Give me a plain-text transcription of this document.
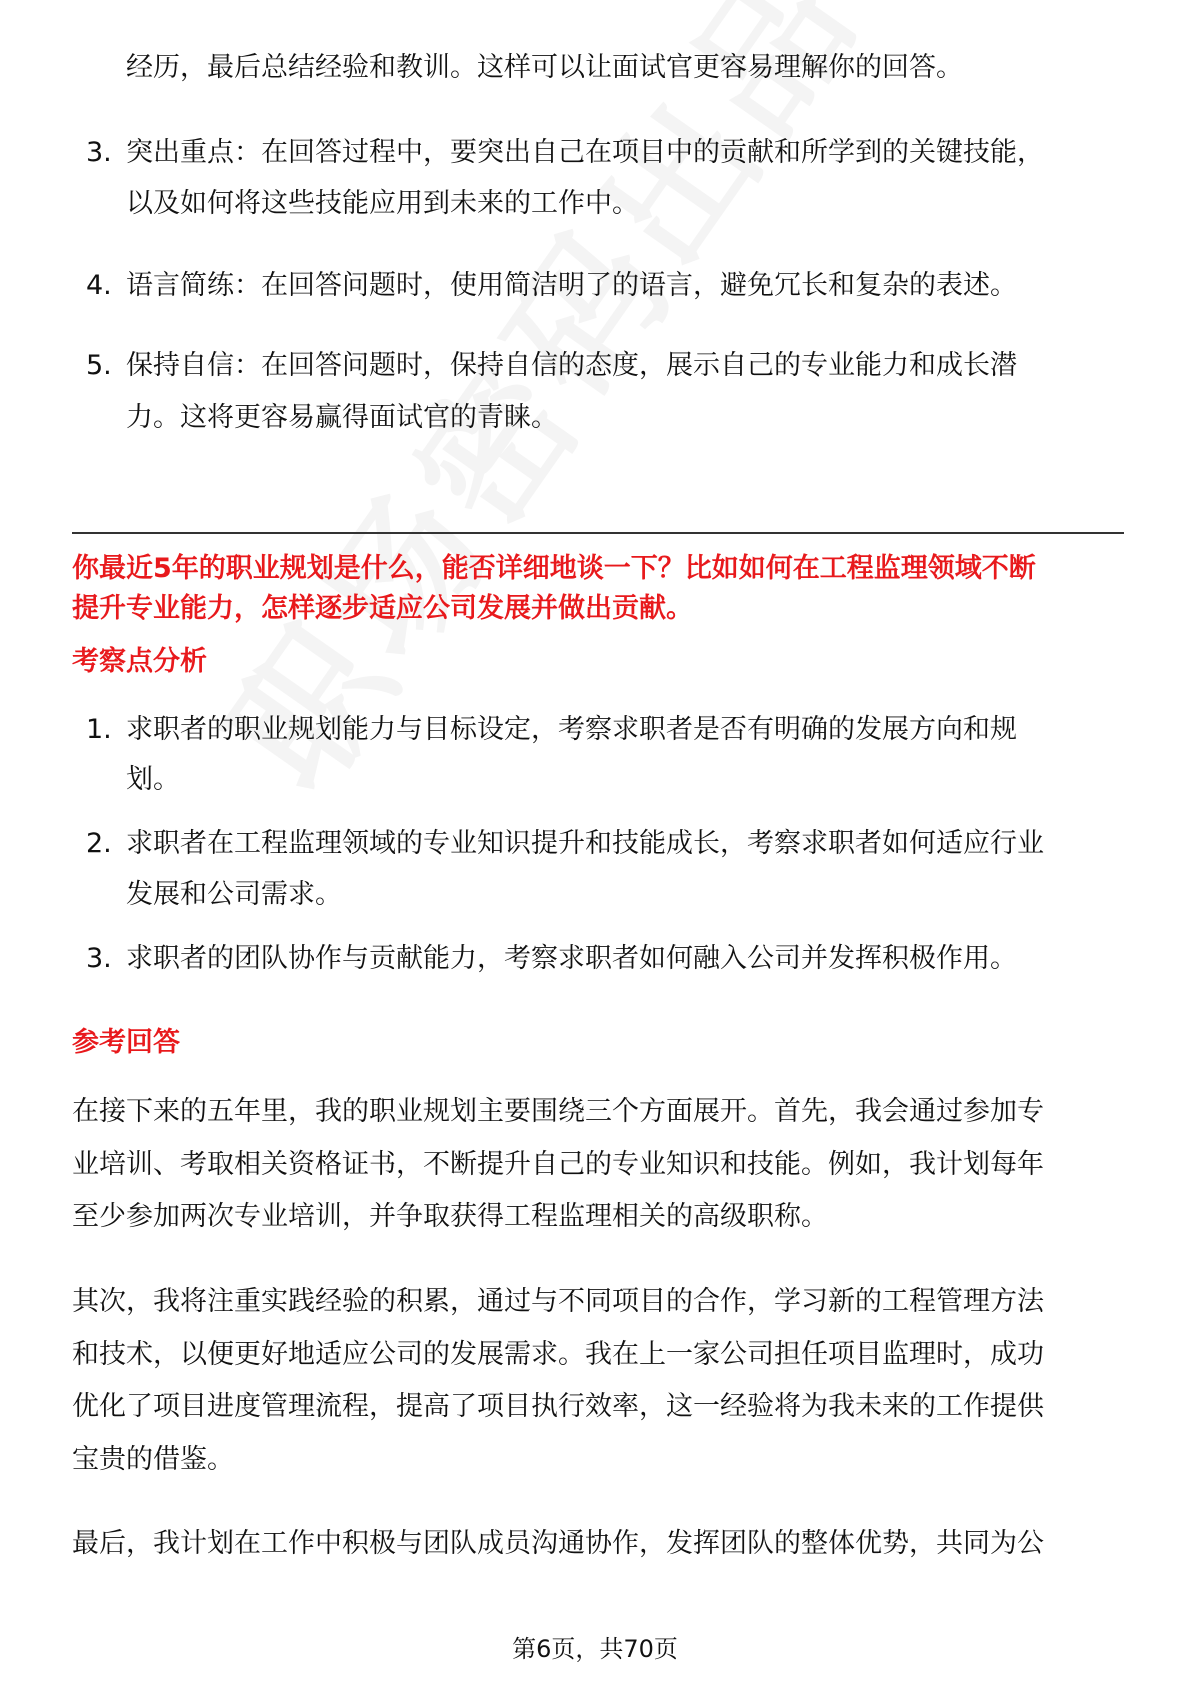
经历，最后总结经验和教训。这样可以让面试官更容易理解你的回答。
3. 突出重点：在回答过程中，要突出自己在项目中的贡献和所学到的关键技能，
以及如何将这些技能应用到未来的工作中。
4. 语言简练：在回答问题时，使用简洁明了的语言，避免冗长和复杂的表述。
5. 保持自信：在回答问题时，保持自信的态度，展示自己的专业能力和成长潜
力。这将更容易赢得面试官的青睐。
你最近5年的职业规划是什么，能否详细地谈一下？比如如何在工程监理领域不断
提升专业能力，怎样逐步适应公司发展并做出贡献。
考察点分析
1. 求职者的职业规划能力与目标设定，考察求职者是否有明确的发展方向和规
划。
2. 求职者在工程监理领域的专业知识提升和技能成长，考察求职者如何适应行业
发展和公司需求。
3. 求职者的团队协作与贡献能力，考察求职者如何融入公司并发挥积极作用。
参考回答
在接下来的五年里，我的职业规划主要围绕三个方面展开。首先，我会通过参加专
业培训、考取相关资格证书，不断提升自己的专业知识和技能。例如，我计划每年
至少参加两次专业培训，并争取获得工程监理相关的高级职称。
其次，我将注重实践经验的积累，通过与不同项目的合作，学习新的工程管理方法
和技术，以便更好地适应公司的发展需求。我在上一家公司担任项目监理时，成功
优化了项目进度管理流程，提高了项目执行效率，这一经验将为我未来的工作提供
宝贵的借鉴。
最后，我计划在工作中积极与团队成员沟通协作，发挥团队的整体优势，共同为公
第6页，共70页
